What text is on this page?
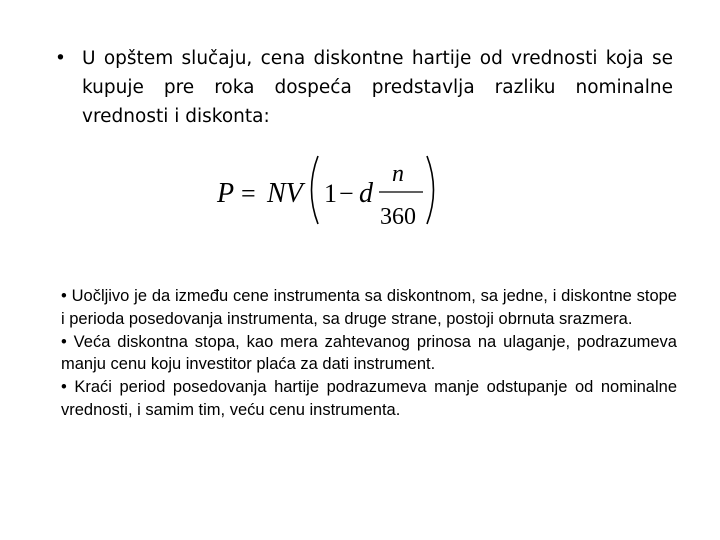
• U opštem slučaju, cena diskontne hartije od vrednosti koja se kupuje pre roka dospeća predstavlja razliku nominalne vrednosti i diskonta:
P = NV 1 − d
n
360

• Uočljivo je da između cene instrumenta sa diskontnom, sa jedne, i diskontne stope i perioda posedovanja instrumenta, sa druge strane, postoji obrnuta srazmera.

• Veća diskontna stopa, kao mera zahtevanog prinosa na ulaganje, podrazumeva manju cenu koju investitor plaća za dati instrument.

• Kraći period posedovanja hartije podrazumeva manje odstupanje od nominalne vrednosti, i samim tim, veću cenu instrumenta.
